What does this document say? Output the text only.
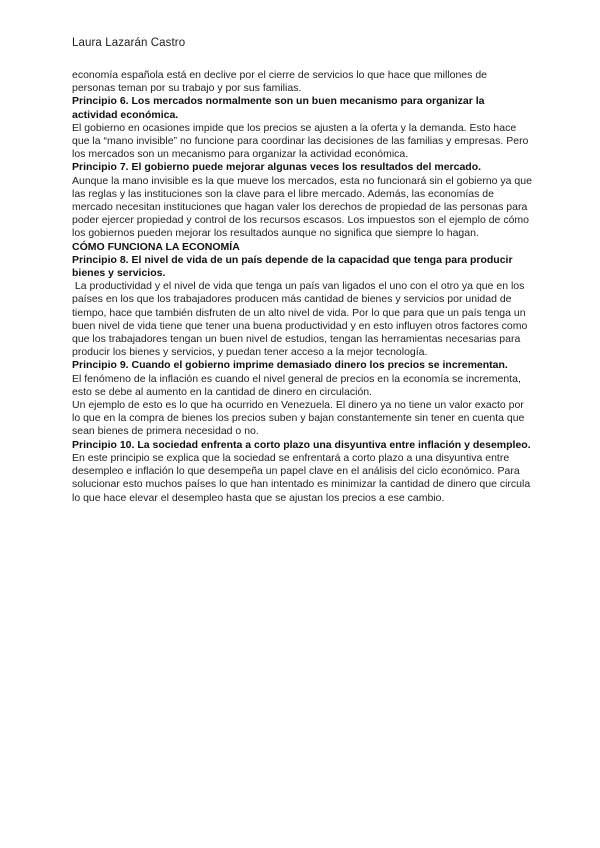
Laura Lazarán Castro

economía española está en declive por el cierre de servicios lo que hace que millones de personas teman por su trabajo y por sus familias.

Principio 6. Los mercados normalmente son un buen mecanismo para organizar la actividad económica.

El gobierno en ocasiones impide que los precios se ajusten a la oferta y la demanda. Esto hace que la “mano invisible” no funcione para coordinar las decisiones de las familias y empresas. Pero los mercados son un mecanismo para organizar la actividad económica.

Principio 7. El gobierno puede mejorar algunas veces los resultados del mercado.

Aunque la mano invisible es la que mueve los mercados, esta no funcionará sin el gobierno ya que las reglas y las instituciones son la clave para el libre mercado. Además, las economías de mercado necesitan instituciones que hagan valer los derechos de propiedad de las personas para poder ejercer propiedad y control de los recursos escasos. Los impuestos son el ejemplo de cómo los gobiernos pueden mejorar los resultados aunque no significa que siempre lo hagan.

CÓMO FUNCIONA LA ECONOMÍA

Principio 8. El nivel de vida de un país depende de la capacidad que tenga para producir bienes y servicios.

La productividad y el nivel de vida que tenga un país van ligados el uno con el otro ya que en los países en los que los trabajadores producen más cantidad de bienes y servicios por unidad de tiempo, hace que también disfruten de un alto nivel de vida. Por lo que para que un país tenga un buen nivel de vida tiene que tener una buena productividad y en esto influyen otros factores como que los trabajadores tengan un buen nivel de estudios, tengan las herramientas necesarias para producir los bienes y servicios, y puedan tener acceso a la mejor tecnología.

Principio 9. Cuando el gobierno imprime demasiado dinero los precios se incrementan.

El fenómeno de la inflación es cuando el nivel general de precios en la economía se incrementa, esto se debe al aumento en la cantidad de dinero en circulación.

Un ejemplo de esto es lo que ha ocurrido en Venezuela. El dinero ya no tiene un valor exacto por lo que en la compra de bienes los precios suben y bajan constantemente sin tener en cuenta que sean bienes de primera necesidad o no.

Principio 10. La sociedad enfrenta a corto plazo una disyuntiva entre inflación y desempleo.

En este principio se explica que la sociedad se enfrentará a corto plazo a una disyuntiva entre desempleo e inflación lo que desempeña un papel clave en el análisis del ciclo económico. Para solucionar esto muchos países lo que han intentado es minimizar la cantidad de dinero que circula lo que hace elevar el desempleo hasta que se ajustan los precios a ese cambio.
